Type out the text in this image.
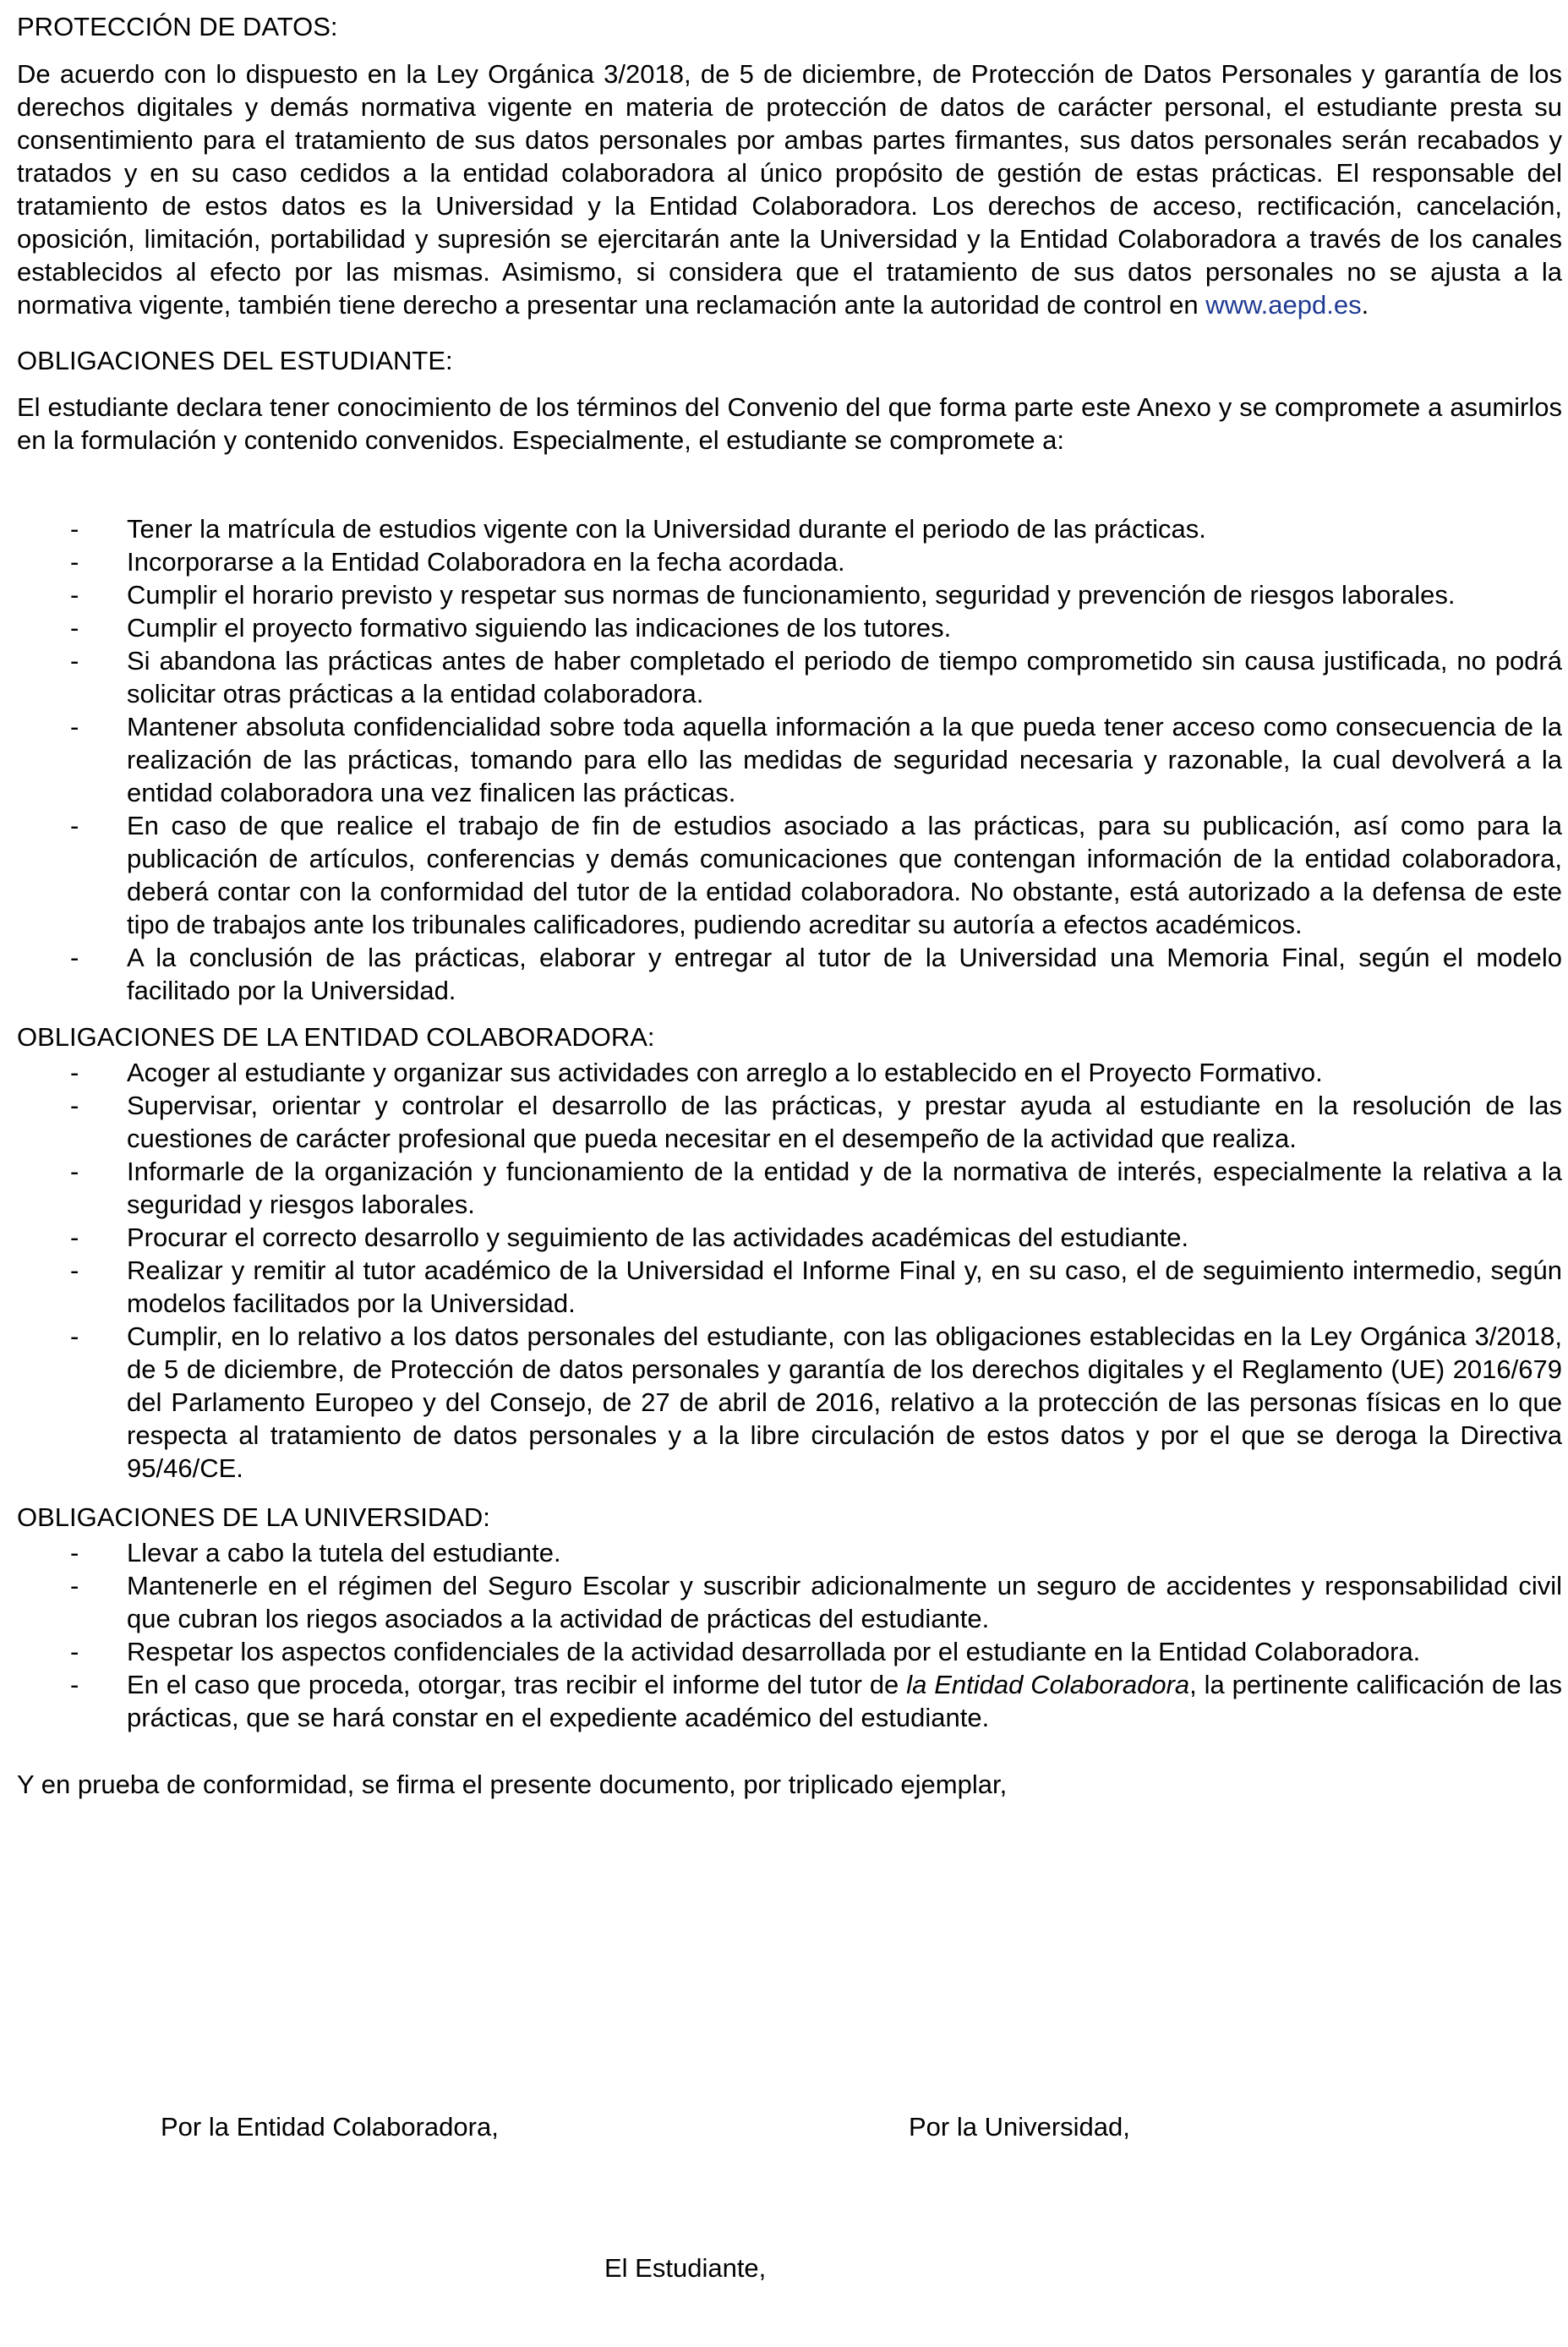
PROTECCIÓN DE DATOS:

De acuerdo con lo dispuesto en la Ley Orgánica 3/2018, de 5 de diciembre, de Protección de Datos Personales y garantía de los derechos digitales y demás normativa vigente en materia de protección de datos de carácter personal, el estudiante presta su consentimiento para el tratamiento de sus datos personales por ambas partes firmantes, sus datos personales serán recabados y tratados y en su caso cedidos a la entidad colaboradora al único propósito de gestión de estas prácticas. El responsable del tratamiento de estos datos es la Universidad y la Entidad Colaboradora. Los derechos de acceso, rectificación, cancelación, oposición, limitación, portabilidad y supresión se ejercitarán ante la Universidad y la Entidad Colaboradora a través de los canales establecidos al efecto por las mismas. Asimismo, si considera que el tratamiento de sus datos personales no se ajusta a la normativa vigente, también tiene derecho a presentar una reclamación ante la autoridad de control en www.aepd.es.

OBLIGACIONES DEL ESTUDIANTE:

El estudiante declara tener conocimiento de los términos del Convenio del que forma parte este Anexo y se compromete a asumirlos en la formulación y contenido convenidos. Especialmente, el estudiante se compromete a:

-	Tener la matrícula de estudios vigente con la Universidad durante el periodo de las prácticas.
-	Incorporarse a la Entidad Colaboradora en la fecha acordada.
-	Cumplir el horario previsto y respetar sus normas de funcionamiento, seguridad y prevención de riesgos laborales.
-	Cumplir el proyecto formativo siguiendo las indicaciones de los tutores.
-	Si abandona las prácticas antes de haber completado el periodo de tiempo comprometido sin causa justificada, no podrá solicitar otras prácticas a la entidad colaboradora.
-	Mantener absoluta confidencialidad sobre toda aquella información a la que pueda tener acceso como consecuencia de la realización de las prácticas, tomando para ello las medidas de seguridad necesaria y razonable, la cual devolverá a la entidad colaboradora una vez finalicen las prácticas.
-	En caso de que realice el trabajo de fin de estudios asociado a las prácticas, para su publicación, así como para la publicación de artículos, conferencias y demás comunicaciones que contengan información de la entidad colaboradora, deberá contar con la conformidad del tutor de la entidad colaboradora. No obstante, está autorizado a la defensa de este tipo de trabajos ante los tribunales calificadores, pudiendo acreditar su autoría a efectos académicos.
-	A la conclusión de las prácticas, elaborar y entregar al tutor de la Universidad una Memoria Final, según el modelo facilitado por la Universidad.
OBLIGACIONES DE LA ENTIDAD COLABORADORA:
-	Acoger al estudiante y organizar sus actividades con arreglo a lo establecido en el Proyecto Formativo.
-	Supervisar, orientar y controlar el desarrollo de las prácticas, y prestar ayuda al estudiante en la resolución de las cuestiones de carácter profesional que pueda necesitar en el desempeño de la actividad que realiza.
-	Informarle de la organización y funcionamiento de la entidad y de la normativa de interés, especialmente la relativa a la seguridad y riesgos laborales.
-	Procurar el correcto desarrollo y seguimiento de las actividades académicas del estudiante.
-	Realizar y remitir al tutor académico de la Universidad el Informe Final y, en su caso, el de seguimiento intermedio, según modelos facilitados por la Universidad.
-	Cumplir, en lo relativo a los datos personales del estudiante, con las obligaciones establecidas en la Ley Orgánica 3/2018, de 5 de diciembre, de Protección de datos personales y garantía de los derechos digitales y el Reglamento (UE) 2016/679 del Parlamento Europeo y del Consejo, de 27 de abril de 2016, relativo a la protección de las personas físicas en lo que respecta al tratamiento de datos personales y a la libre circulación de estos datos y por el que se deroga la Directiva 95/46/CE.
OBLIGACIONES DE LA UNIVERSIDAD:
-	Llevar a cabo la tutela del estudiante.
-	Mantenerle en el régimen del Seguro Escolar y suscribir adicionalmente un seguro de accidentes y responsabilidad civil que cubran los riegos asociados a la actividad de prácticas del estudiante.
-	Respetar los aspectos confidenciales de la actividad desarrollada por el estudiante en la Entidad Colaboradora.
-	En el caso que proceda, otorgar, tras recibir el informe del tutor de la Entidad Colaboradora, la pertinente calificación de las prácticas, que se hará constar en el expediente académico del estudiante.

Y en prueba de conformidad, se firma el presente documento, por triplicado ejemplar,

Por la Entidad Colaboradora,	Por la Universidad,
El Estudiante,
